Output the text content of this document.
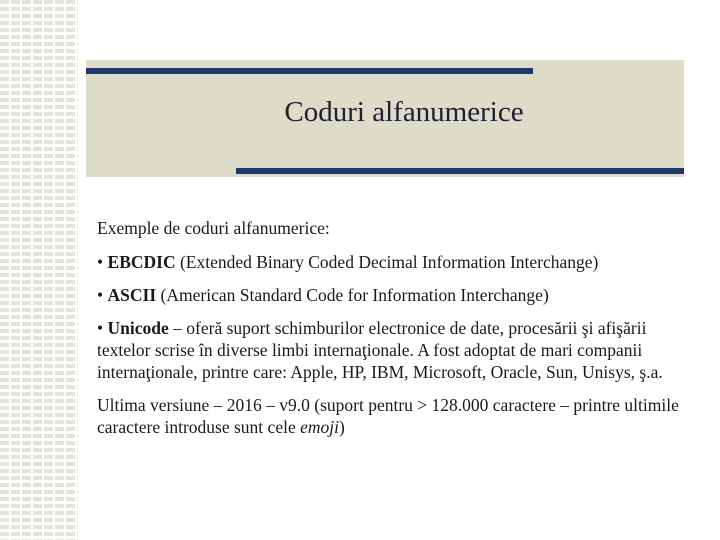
Coduri alfanumerice

Exemple de coduri alfanumerice:

• EBCDIC (Extended Binary Coded Decimal Information Interchange)

• ASCII (American Standard Code for Information Interchange)

• Unicode – oferă suport schimburilor electronice de date, procesării şi afişării textelor scrise în diverse limbi internaţionale. A fost adoptat de mari companii internaţionale, printre care: Apple, HP, IBM, Microsoft, Oracle, Sun, Unisys, ş.a.

Ultima versiune – 2016 – v9.0 (suport pentru > 128.000 caractere – printre ultimile caractere introduse sunt cele emoji)
